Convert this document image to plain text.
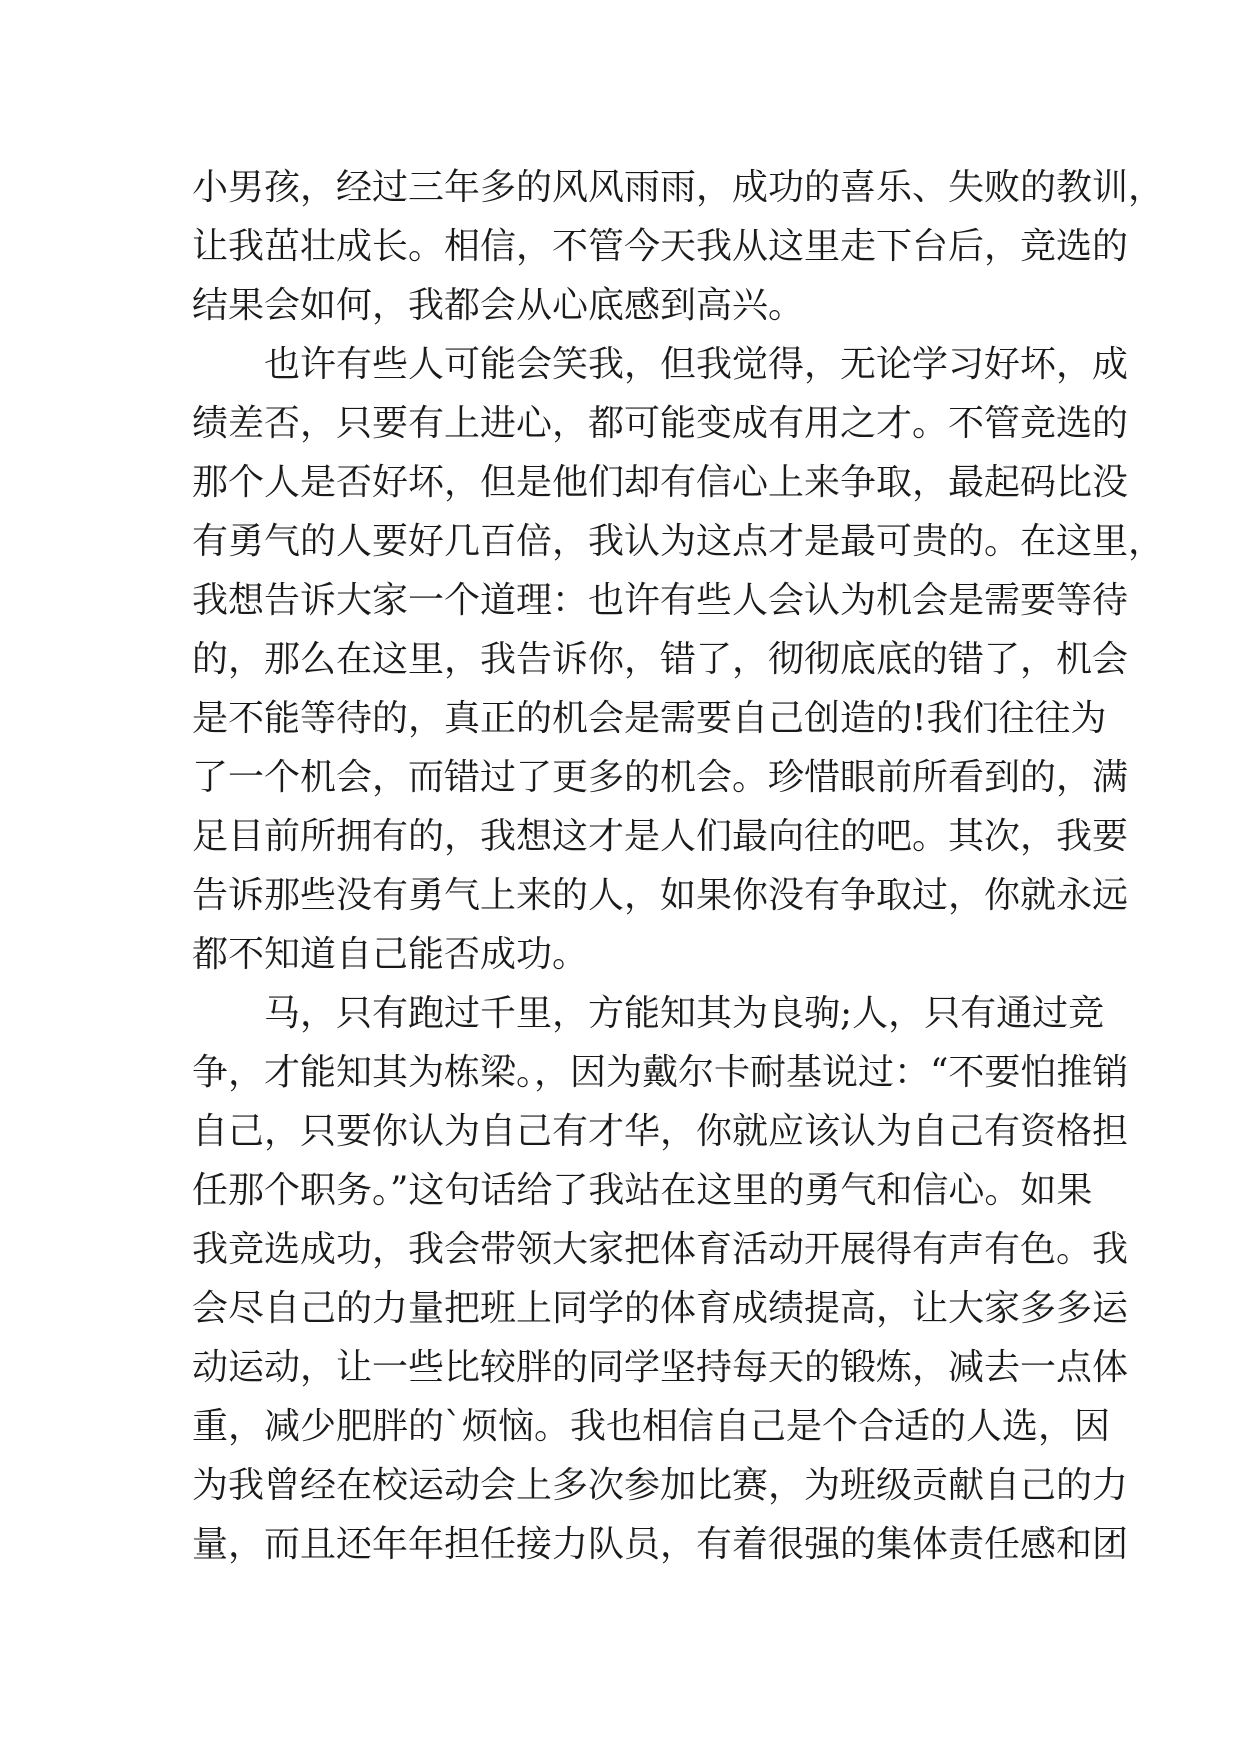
小男孩，经过三年多的风风雨雨，成功的喜乐、失败的教训，
让我茁壮成长。相信，不管今天我从这里走下台后，竞选的
结果会如何，我都会从心底感到高兴。
　　也许有些人可能会笑我，但我觉得，无论学习好坏，成
绩差否，只要有上进心，都可能变成有用之才。不管竞选的
那个人是否好坏，但是他们却有信心上来争取，最起码比没
有勇气的人要好几百倍，我认为这点才是最可贵的。在这里，
我想告诉大家一个道理：也许有些人会认为机会是需要等待
的，那么在这里，我告诉你，错了，彻彻底底的错了，机会
是不能等待的，真正的机会是需要自己创造的!我们往往为
了一个机会，而错过了更多的机会。珍惜眼前所看到的，满
足目前所拥有的，我想这才是人们最向往的吧。其次，我要
告诉那些没有勇气上来的人，如果你没有争取过，你就永远
都不知道自己能否成功。
　　马，只有跑过千里，方能知其为良驹;人，只有通过竞
争，才能知其为栋梁。，因为戴尔卡耐基说过：“不要怕推销
自己，只要你认为自己有才华，你就应该认为自己有资格担
任那个职务。”这句话给了我站在这里的勇气和信心。如果
我竞选成功，我会带领大家把体育活动开展得有声有色。我
会尽自己的力量把班上同学的体育成绩提高，让大家多多运
动运动，让一些比较胖的同学坚持每天的锻炼，减去一点体
重，减少肥胖的`烦恼。我也相信自己是个合适的人选，因
为我曾经在校运动会上多次参加比赛，为班级贡献自己的力
量，而且还年年担任接力队员，有着很强的集体责任感和团
